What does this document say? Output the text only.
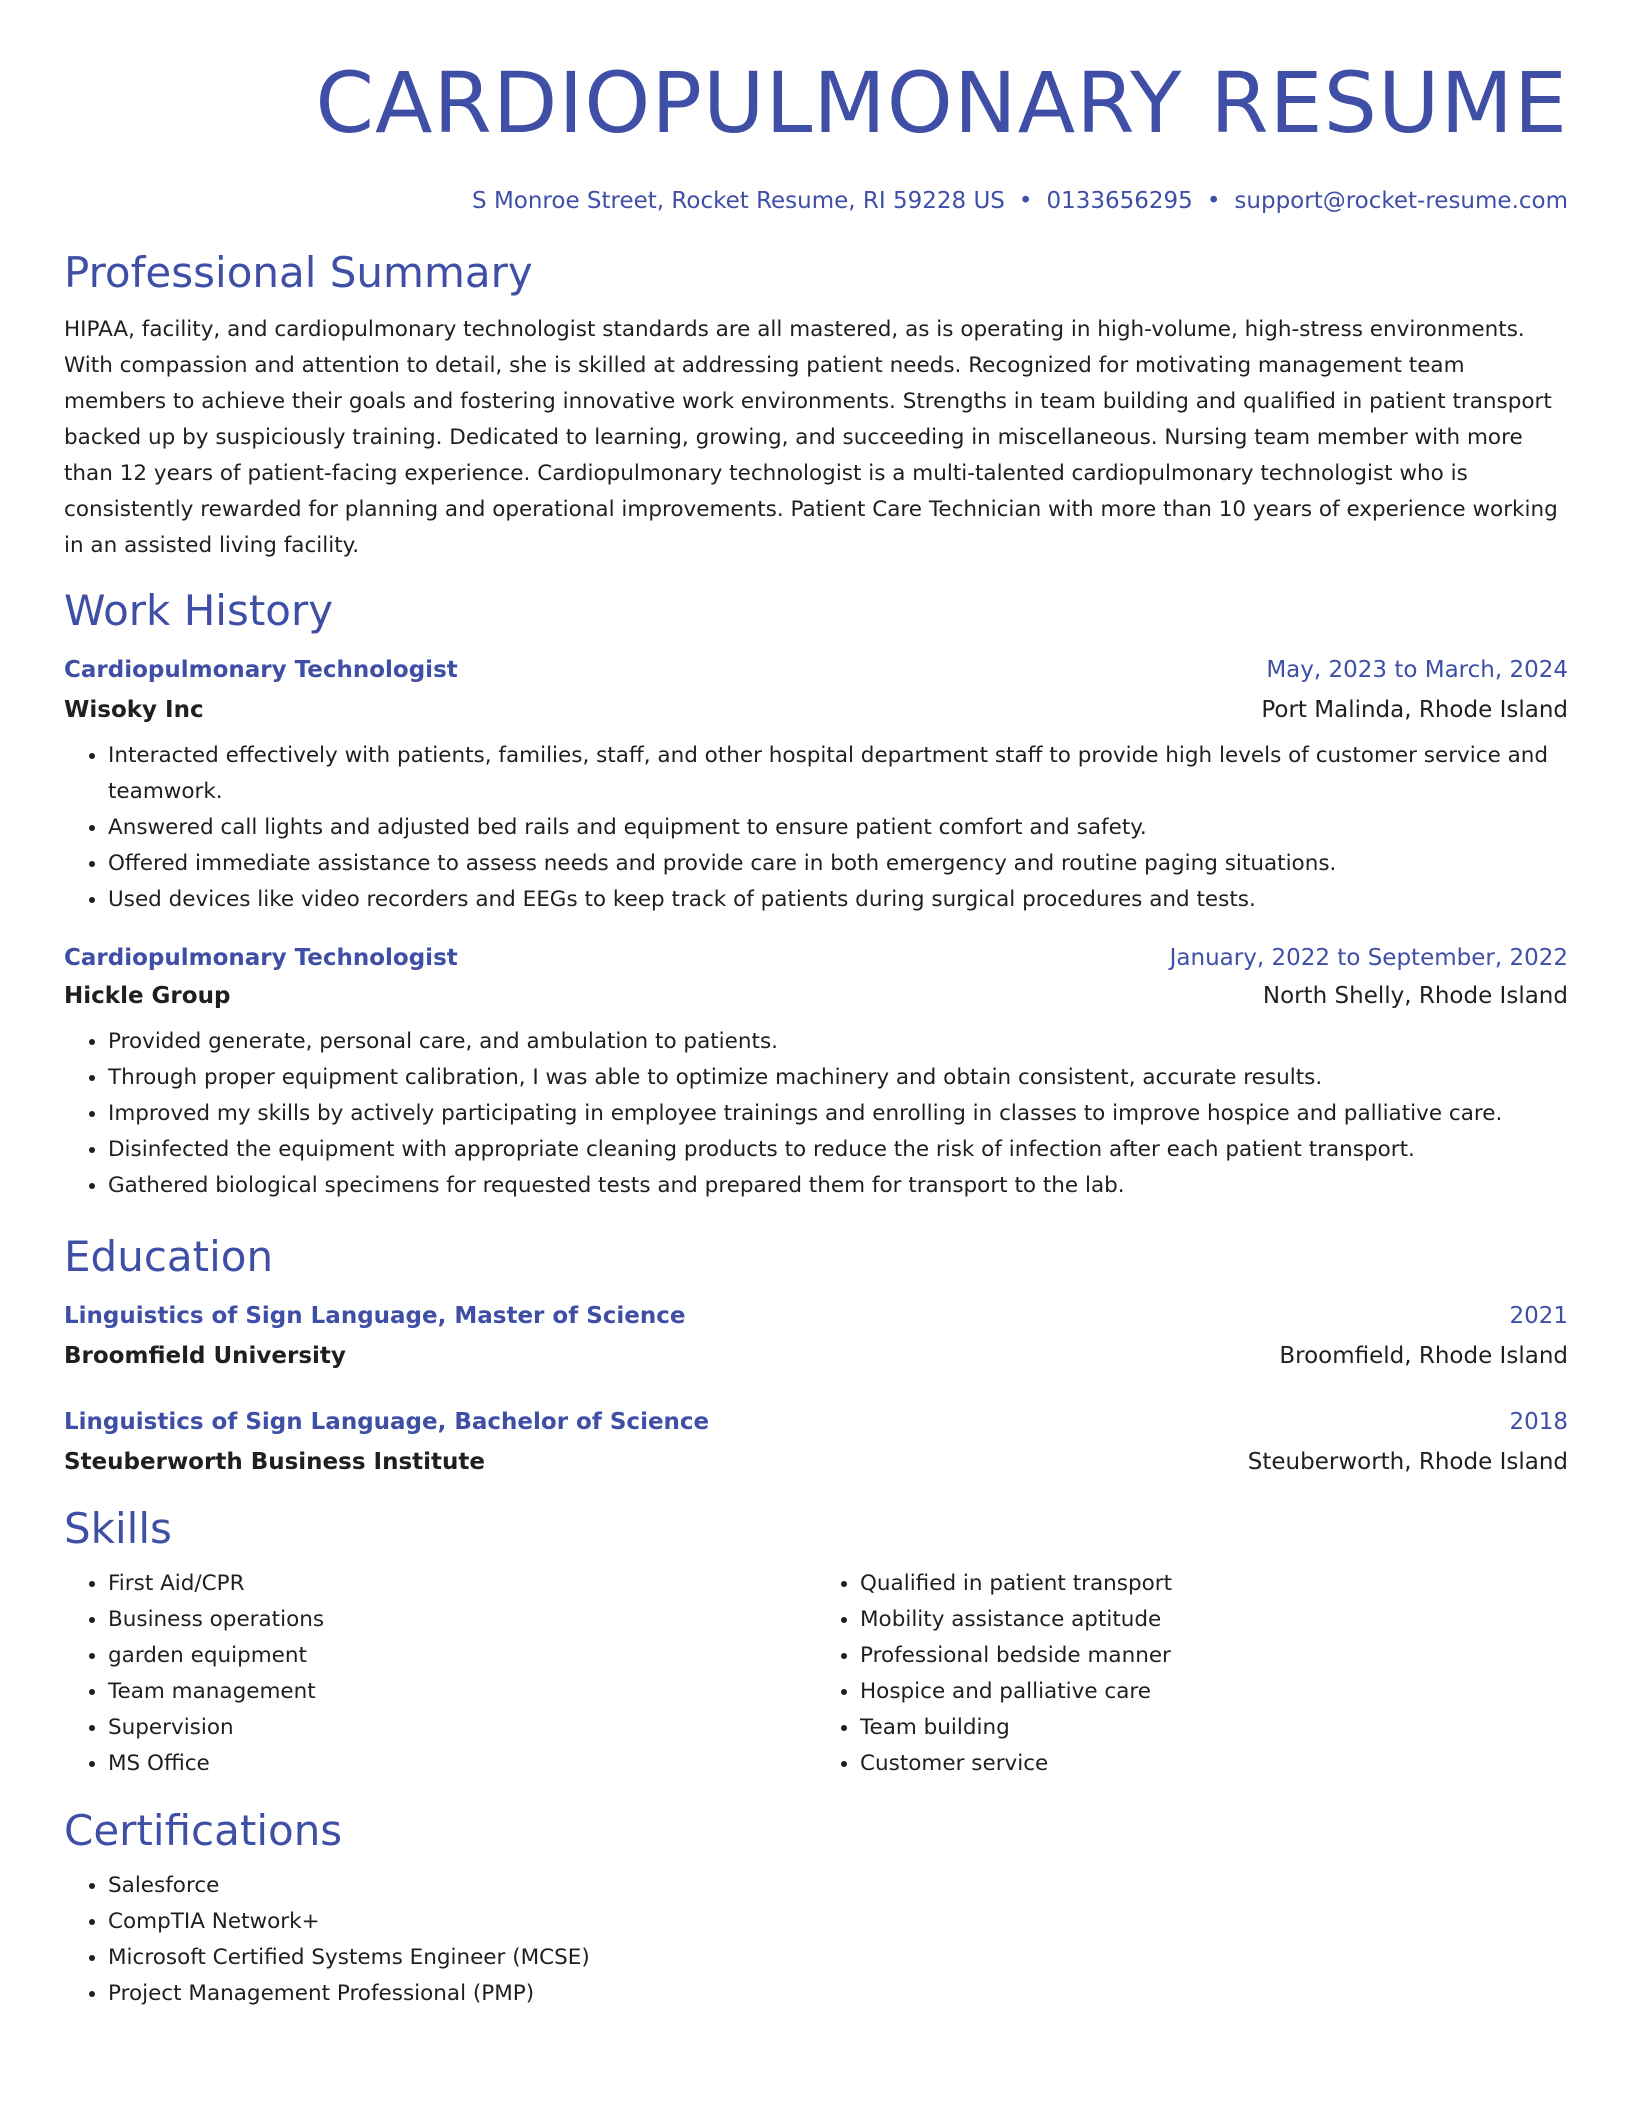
CARDIOPULMONARY RESUME
S Monroe Street, Rocket Resume, RI 59228 US • 0133656295 • support@rocket-resume.com
Professional Summary

HIPAA, facility, and cardiopulmonary technologist standards are all mastered, as is operating in high-volume, high-stress environments. With compassion and attention to detail, she is skilled at addressing patient needs. Recognized for motivating management team members to achieve their goals and fostering innovative work environments. Strengths in team building and qualified in patient transport backed up by suspiciously training. Dedicated to learning, growing, and succeeding in miscellaneous. Nursing team member with more than 12 years of patient-facing experience. Cardiopulmonary technologist is a multi-talented cardiopulmonary technologist who is consistently rewarded for planning and operational improvements. Patient Care Technician with more than 10 years of experience working in an assisted living facility.

Work History
Cardiopulmonary Technologist	May, 2023 to March, 2024
Wisoky Inc	Port Malinda, Rhode Island
• Interacted effectively with patients, families, staff, and other hospital department staff to provide high levels of customer service and teamwork.
• Answered call lights and adjusted bed rails and equipment to ensure patient comfort and safety.
• Offered immediate assistance to assess needs and provide care in both emergency and routine paging situations.
• Used devices like video recorders and EEGs to keep track of patients during surgical procedures and tests.
Cardiopulmonary Technologist	January, 2022 to September, 2022
Hickle Group	North Shelly, Rhode Island
• Provided generate, personal care, and ambulation to patients.
• Through proper equipment calibration, I was able to optimize machinery and obtain consistent, accurate results.
• Improved my skills by actively participating in employee trainings and enrolling in classes to improve hospice and palliative care.
• Disinfected the equipment with appropriate cleaning products to reduce the risk of infection after each patient transport.
• Gathered biological specimens for requested tests and prepared them for transport to the lab.
Education
Linguistics of Sign Language, Master of Science	2021
Broomfield University	Broomfield, Rhode Island
Linguistics of Sign Language, Bachelor of Science	2018
Steuberworth Business Institute	Steuberworth, Rhode Island
Skills
• First Aid/CPR
• Business operations
• garden equipment
• Team management
• Supervision
• MS Office
• Qualified in patient transport
• Mobility assistance aptitude
• Professional bedside manner
• Hospice and palliative care
• Team building
• Customer service
Certifications
• Salesforce
• CompTIA Network+
• Microsoft Certified Systems Engineer (MCSE)
• Project Management Professional (PMP)
